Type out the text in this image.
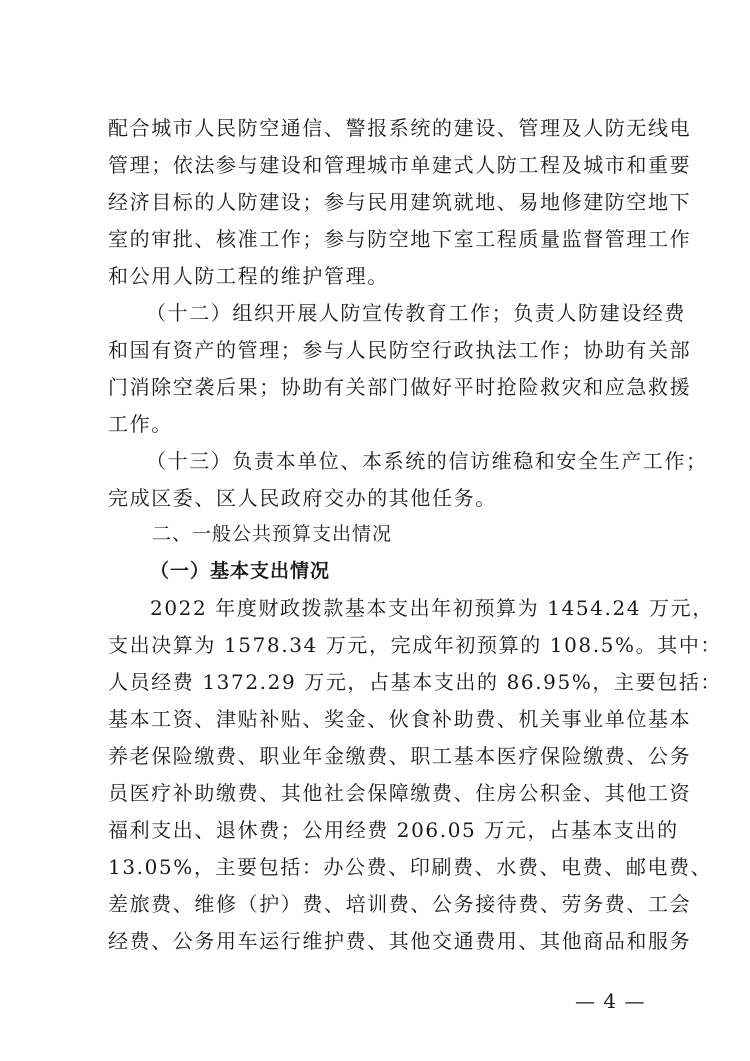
配合城市人民防空通信、警报系统的建设、管理及人防无线电
管理；依法参与建设和管理城市单建式人防工程及城市和重要
经济目标的人防建设；参与民用建筑就地、易地修建防空地下
室的审批、核准工作；参与防空地下室工程质量监督管理工作
和公用人防工程的维护管理。
（十二）组织开展人防宣传教育工作；负责人防建设经费
和国有资产的管理；参与人民防空行政执法工作；协助有关部
门消除空袭后果；协助有关部门做好平时抢险救灾和应急救援
工作。
（十三）负责本单位、本系统的信访维稳和安全生产工作；
完成区委、区人民政府交办的其他任务。
二、一般公共预算支出情况
（一）基本支出情况
2022 年度财政拨款基本支出年初预算为 1454.24 万元，
支出决算为 1578.34 万元，完成年初预算的 108.5%。其中：
人员经费 1372.29 万元，占基本支出的 86.95%，主要包括：
基本工资、津贴补贴、奖金、伙食补助费、机关事业单位基本
养老保险缴费、职业年金缴费、职工基本医疗保险缴费、公务
员医疗补助缴费、其他社会保障缴费、住房公积金、其他工资
福利支出、退休费；公用经费 206.05 万元，占基本支出的
13.05%，主要包括：办公费、印刷费、水费、电费、邮电费、
差旅费、维修（护）费、培训费、公务接待费、劳务费、工会
经费、公务用车运行维护费、其他交通费用、其他商品和服务
— 4 —
